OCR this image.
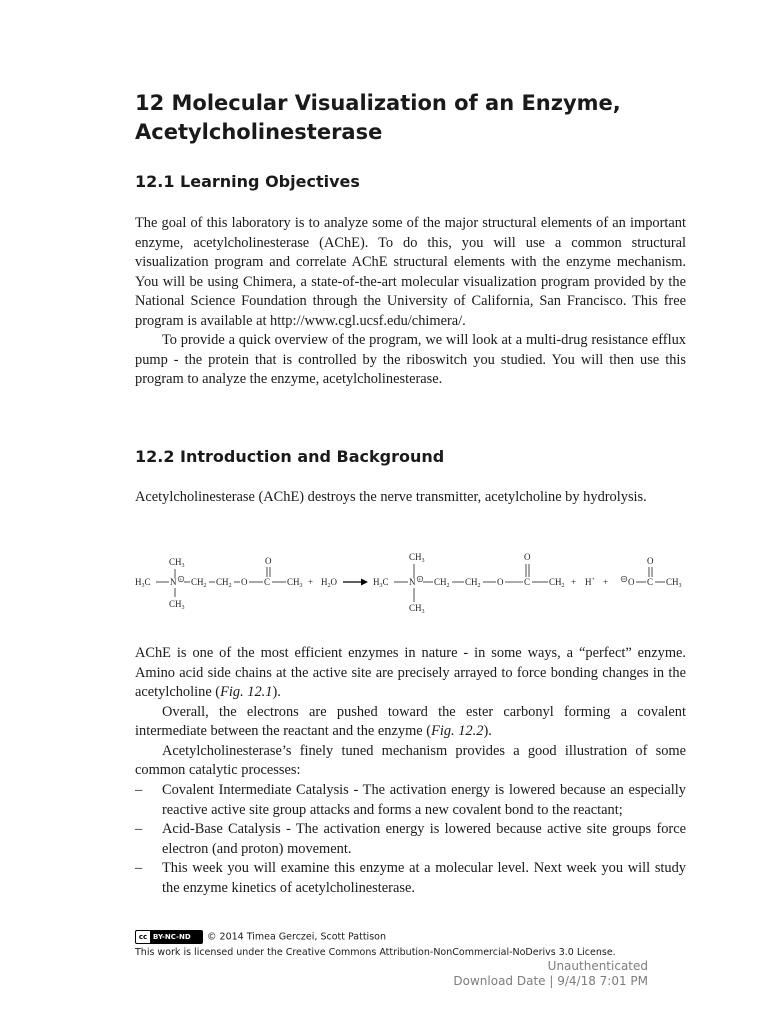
12 Molecular Visualization of an Enzyme,
Acetylcholinesterase
12.1 Learning Objectives
The goal of this laboratory is to analyze some of the major structural elements of an important enzyme, acetylcholinesterase (AChE). To do this, you will use a common structural visualization program and correlate AChE structural elements with the enzyme mechanism. You will be using Chimera, a state-of-the-art molecular visualization program provided by the National Science Foundation through the University of California, San Francisco. This free program is available at http://www.cgl.ucsf.edu/chimera/.
To provide a quick overview of the program, we will look at a multi-drug resistance efflux pump - the protein that is controlled by the riboswitch you studied. You will then use this program to analyze the enzyme, acetylcholinesterase.
12.2 Introduction and Background
Acetylcholinesterase (AChE) destroys the nerve transmitter, acetylcholine by hydrolysis.
$CH_3$
$H_3C$ N +
$CH_3$
$CH_2$ $CH_2$ O C
O
$CH_3 + H_2O$
$CH_3$
$H_3C$ N +
$CH_3$
$CH_2$ $CH_2$ O C
O
$CH_2 + H^+ + O$ C
O
$CH_3$
AChE is one of the most efficient enzymes in nature - in some ways, a “perfect” enzyme. Amino acid side chains at the active site are precisely arrayed to force bonding changes in the acetylcholine (Fig. 12.1).
Overall, the electrons are pushed toward the ester carbonyl forming a covalent intermediate between the reactant and the enzyme (Fig. 12.2).
Acetylcholinesterase’s finely tuned mechanism provides a good illustration of some common catalytic processes:
– Covalent Intermediate Catalysis - The activation energy is lowered because an especially reactive active site group attacks and forms a new covalent bond to the reactant;
– Acid-Base Catalysis - The activation energy is lowered because active site groups force electron (and proton) movement.
– This week you will examine this enzyme at a molecular level. Next week you will study the enzyme kinetics of acetylcholinesterase.
cc BY-NC-ND © 2014 Timea Gerczei, Scott Pattison
This work is licensed under the Creative Commons Attribution-NonCommercial-NoDerivs 3.0 License.
Unauthenticated
Download Date | 9/4/18 7:01 PM
